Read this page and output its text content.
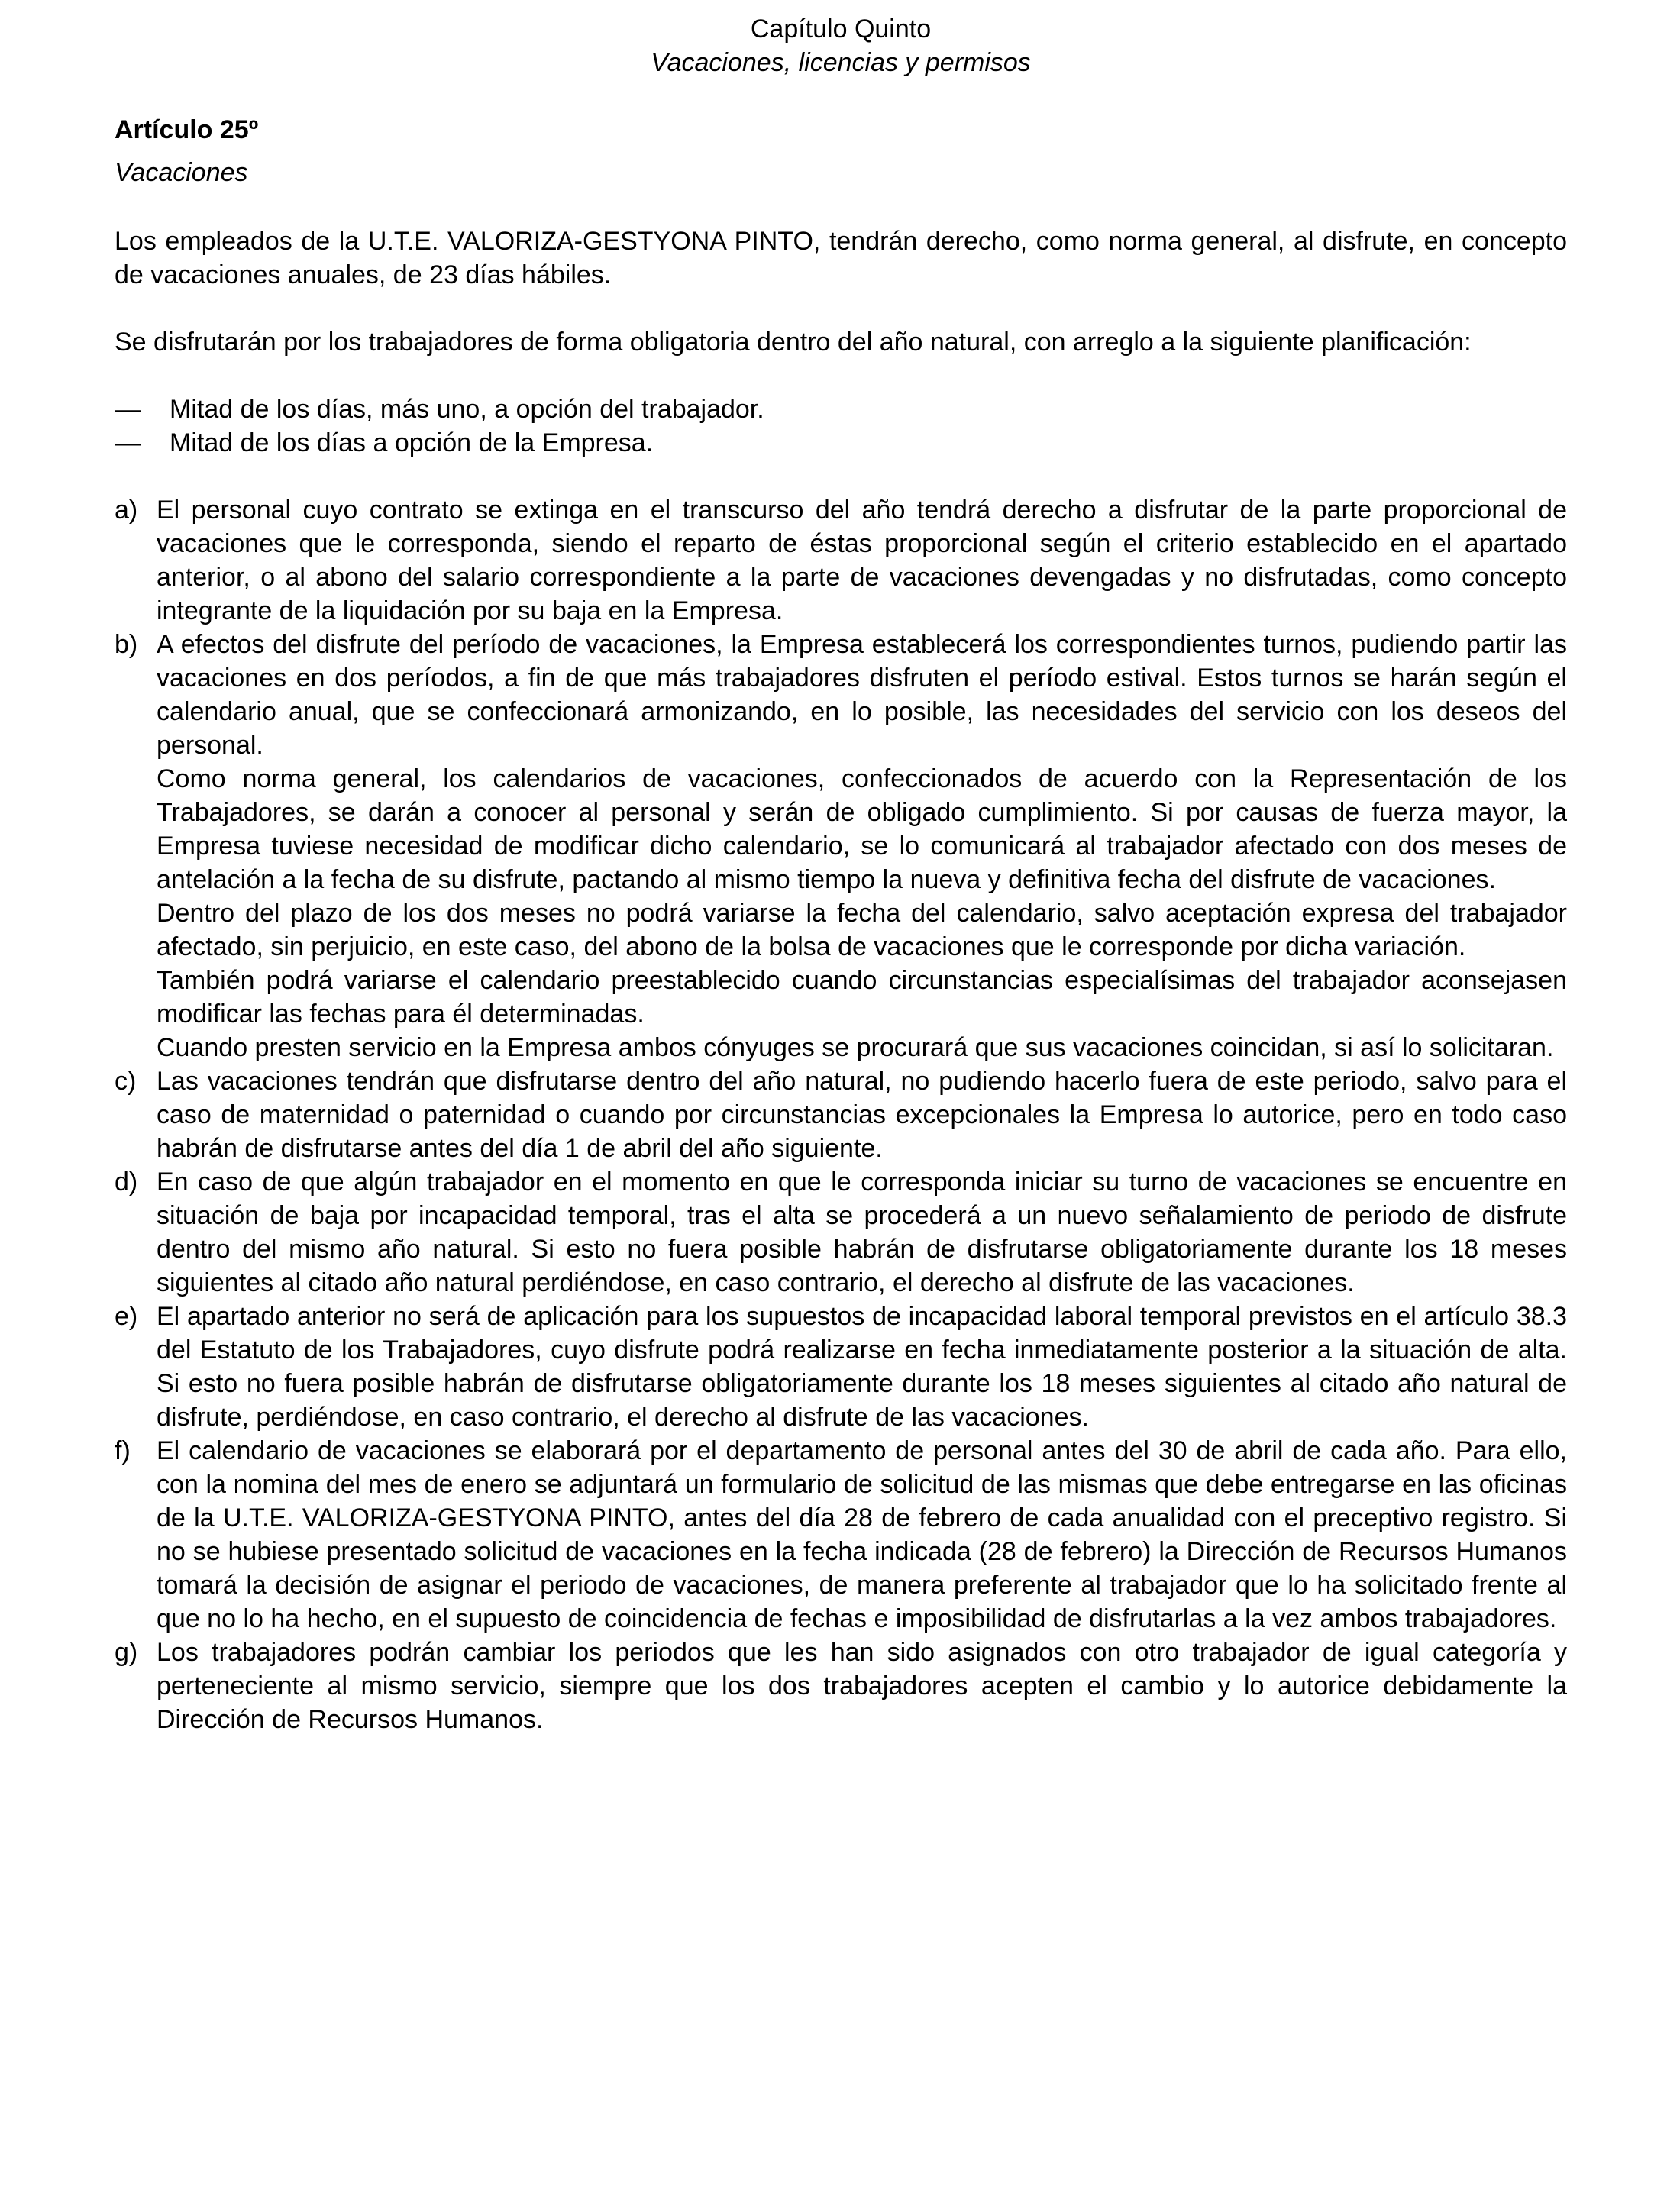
Capítulo Quinto

Vacaciones, licencias y permisos

Artículo 25º

Vacaciones

Los empleados de la U.T.E. VALORIZA-GESTYONA PINTO, tendrán derecho, como norma general, al disfrute, en concepto de vacaciones anuales, de 23 días hábiles.

Se disfrutarán por los trabajadores de forma obligatoria dentro del año natural, con arreglo a la siguiente planificación:

— Mitad de los días, más uno, a opción del trabajador.
— Mitad de los días a opción de la Empresa.
a) El personal cuyo contrato se extinga en el transcurso del año tendrá derecho a disfrutar de la parte proporcional de vacaciones que le corresponda, siendo el reparto de éstas proporcional según el criterio establecido en el apartado anterior, o al abono del salario correspondiente a la parte de vacaciones devengadas y no disfrutadas, como concepto integrante de la liquidación por su baja en la Empresa.

b) A efectos del disfrute del período de vacaciones, la Empresa establecerá los correspondientes turnos, pudiendo partir las vacaciones en dos períodos, a fin de que más trabajadores disfruten el período estival. Estos turnos se harán según el calendario anual, que se confeccionará armonizando, en lo posible, las necesidades del servicio con los deseos del personal.

Como norma general, los calendarios de vacaciones, confeccionados de acuerdo con la Representación de los Trabajadores, se darán a conocer al personal y serán de obligado cumplimiento. Si por causas de fuerza mayor, la Empresa tuviese necesidad de modificar dicho calendario, se lo comunicará al trabajador afectado con dos meses de antelación a la fecha de su disfrute, pactando al mismo tiempo la nueva y definitiva fecha del disfrute de vacaciones.

Dentro del plazo de los dos meses no podrá variarse la fecha del calendario, salvo aceptación expresa del trabajador afectado, sin perjuicio, en este caso, del abono de la bolsa de vacaciones que le corresponde por dicha variación.

También podrá variarse el calendario preestablecido cuando circunstancias especialísimas del trabajador aconsejasen modificar las fechas para él determinadas.

Cuando presten servicio en la Empresa ambos cónyuges se procurará que sus vacaciones coincidan, si así lo solicitaran.

c) Las vacaciones tendrán que disfrutarse dentro del año natural, no pudiendo hacerlo fuera de este periodo, salvo para el caso de maternidad o paternidad o cuando por circunstancias excepcionales la Empresa lo autorice, pero en todo caso habrán de disfrutarse antes del día 1 de abril del año siguiente.

d) En caso de que algún trabajador en el momento en que le corresponda iniciar su turno de vacaciones se encuentre en situación de baja por incapacidad temporal, tras el alta se procederá a un nuevo señalamiento de periodo de disfrute dentro del mismo año natural. Si esto no fuera posible habrán de disfrutarse obligatoriamente durante los 18 meses siguientes al citado año natural perdiéndose, en caso contrario, el derecho al disfrute de las vacaciones.

e) El apartado anterior no será de aplicación para los supuestos de incapacidad laboral temporal previstos en el artículo 38.3 del Estatuto de los Trabajadores, cuyo disfrute podrá realizarse en fecha inmediatamente posterior a la situación de alta. Si esto no fuera posible habrán de disfrutarse obligatoriamente durante los 18 meses siguientes al citado año natural de disfrute, perdiéndose, en caso contrario, el derecho al disfrute de las vacaciones.

f) El calendario de vacaciones se elaborará por el departamento de personal antes del 30 de abril de cada año. Para ello, con la nomina del mes de enero se adjuntará un formulario de solicitud de las mismas que debe entregarse en las oficinas de la U.T.E. VALORIZA-GESTYONA PINTO, antes del día 28 de febrero de cada anualidad con el preceptivo registro. Si no se hubiese presentado solicitud de vacaciones en la fecha indicada (28 de febrero) la Dirección de Recursos Humanos tomará la decisión de asignar el periodo de vacaciones, de manera preferente al trabajador que lo ha solicitado frente al que no lo ha hecho, en el supuesto de coincidencia de fechas e imposibilidad de disfrutarlas a la vez ambos trabajadores.

g) Los trabajadores podrán cambiar los periodos que les han sido asignados con otro trabajador de igual categoría y perteneciente al mismo servicio, siempre que los dos trabajadores acepten el cambio y lo autorice debidamente la Dirección de Recursos Humanos.
